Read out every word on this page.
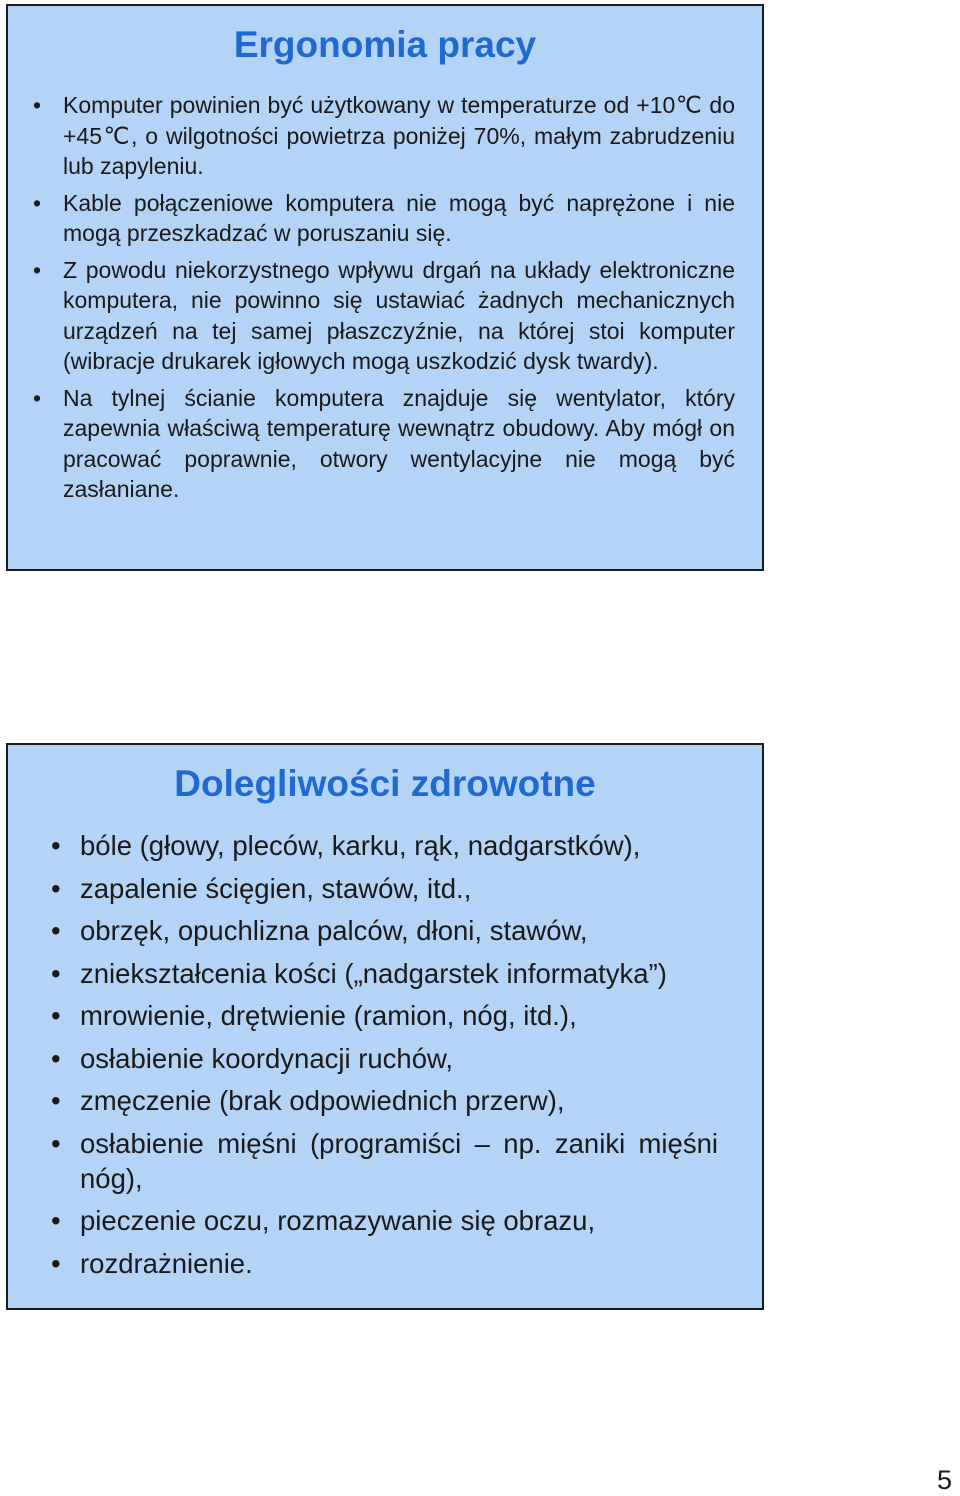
Ergonomia pracy
• Komputer powinien być użytkowany w temperaturze od +10℃ do +45℃, o wilgotności powietrza poniżej 70%, małym zabrudzeniu lub zapyleniu.
• Kable połączeniowe komputera nie mogą być naprężone i nie mogą przeszkadzać w poruszaniu się.
• Z powodu niekorzystnego wpływu drgań na układy elektroniczne komputera, nie powinno się ustawiać żadnych mechanicznych urządzeń na tej samej płaszczyźnie, na której stoi komputer (wibracje drukarek igłowych mogą uszkodzić dysk twardy).
• Na tylnej ścianie komputera znajduje się wentylator, który zapewnia właściwą temperaturę wewnątrz obudowy. Aby mógł on pracować poprawnie, otwory wentylacyjne nie mogą być zasłaniane.
Dolegliwości zdrowotne
• bóle (głowy, pleców, karku, rąk, nadgarstków),
• zapalenie ścięgien, stawów, itd.,
• obrzęk, opuchlizna palców, dłoni, stawów,
• zniekształcenia kości („nadgarstek informatyka”)
• mrowienie, drętwienie (ramion, nóg, itd.),
• osłabienie koordynacji ruchów,
• zmęczenie (brak odpowiednich przerw),
• osłabienie mięśni (programiści – np. zaniki mięśni nóg),
• pieczenie oczu, rozmazywanie się obrazu,
• rozdrażnienie.
5
